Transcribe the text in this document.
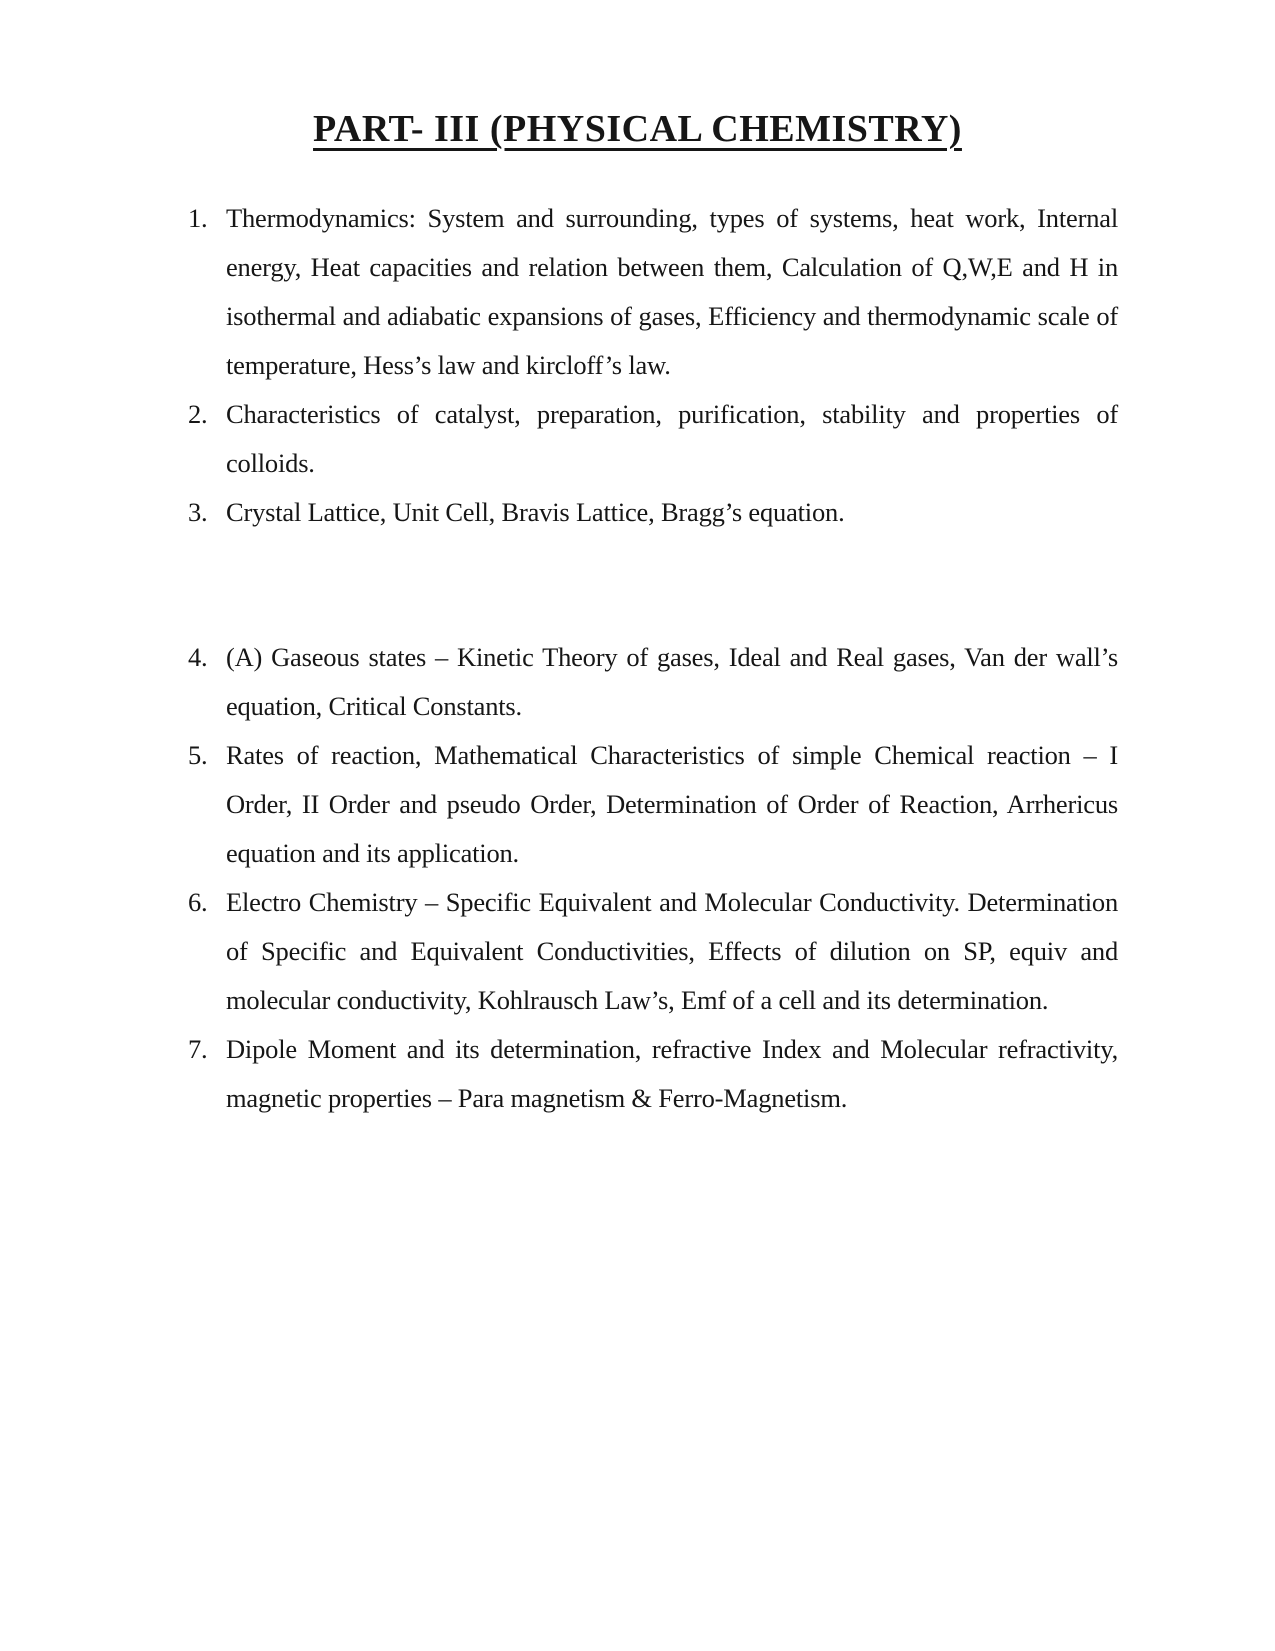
PART- III (PHYSICAL CHEMISTRY)
1. Thermodynamics: System and surrounding, types of systems, heat work, Internal energy, Heat capacities and relation between them, Calculation of Q,W,E and H in isothermal and adiabatic expansions of gases, Efficiency and thermodynamic scale of temperature, Hess’s law and kircloff’s law.
2. Characteristics of catalyst, preparation, purification, stability and properties of colloids.
3. Crystal Lattice, Unit Cell, Bravis Lattice, Bragg’s equation.
4. (A) Gaseous states – Kinetic Theory of gases, Ideal and Real gases, Van der wall’s equation, Critical Constants.
5. Rates of reaction, Mathematical Characteristics of simple Chemical reaction – I Order, II Order and pseudo Order, Determination of Order of Reaction, Arrhericus equation and its application.
6. Electro Chemistry – Specific Equivalent and Molecular Conductivity. Determination of Specific and Equivalent Conductivities, Effects of dilution on SP, equiv and molecular conductivity, Kohlrausch Law’s, Emf of a cell and its determination.
7. Dipole Moment and its determination, refractive Index and Molecular refractivity, magnetic properties – Para magnetism & Ferro-Magnetism.
